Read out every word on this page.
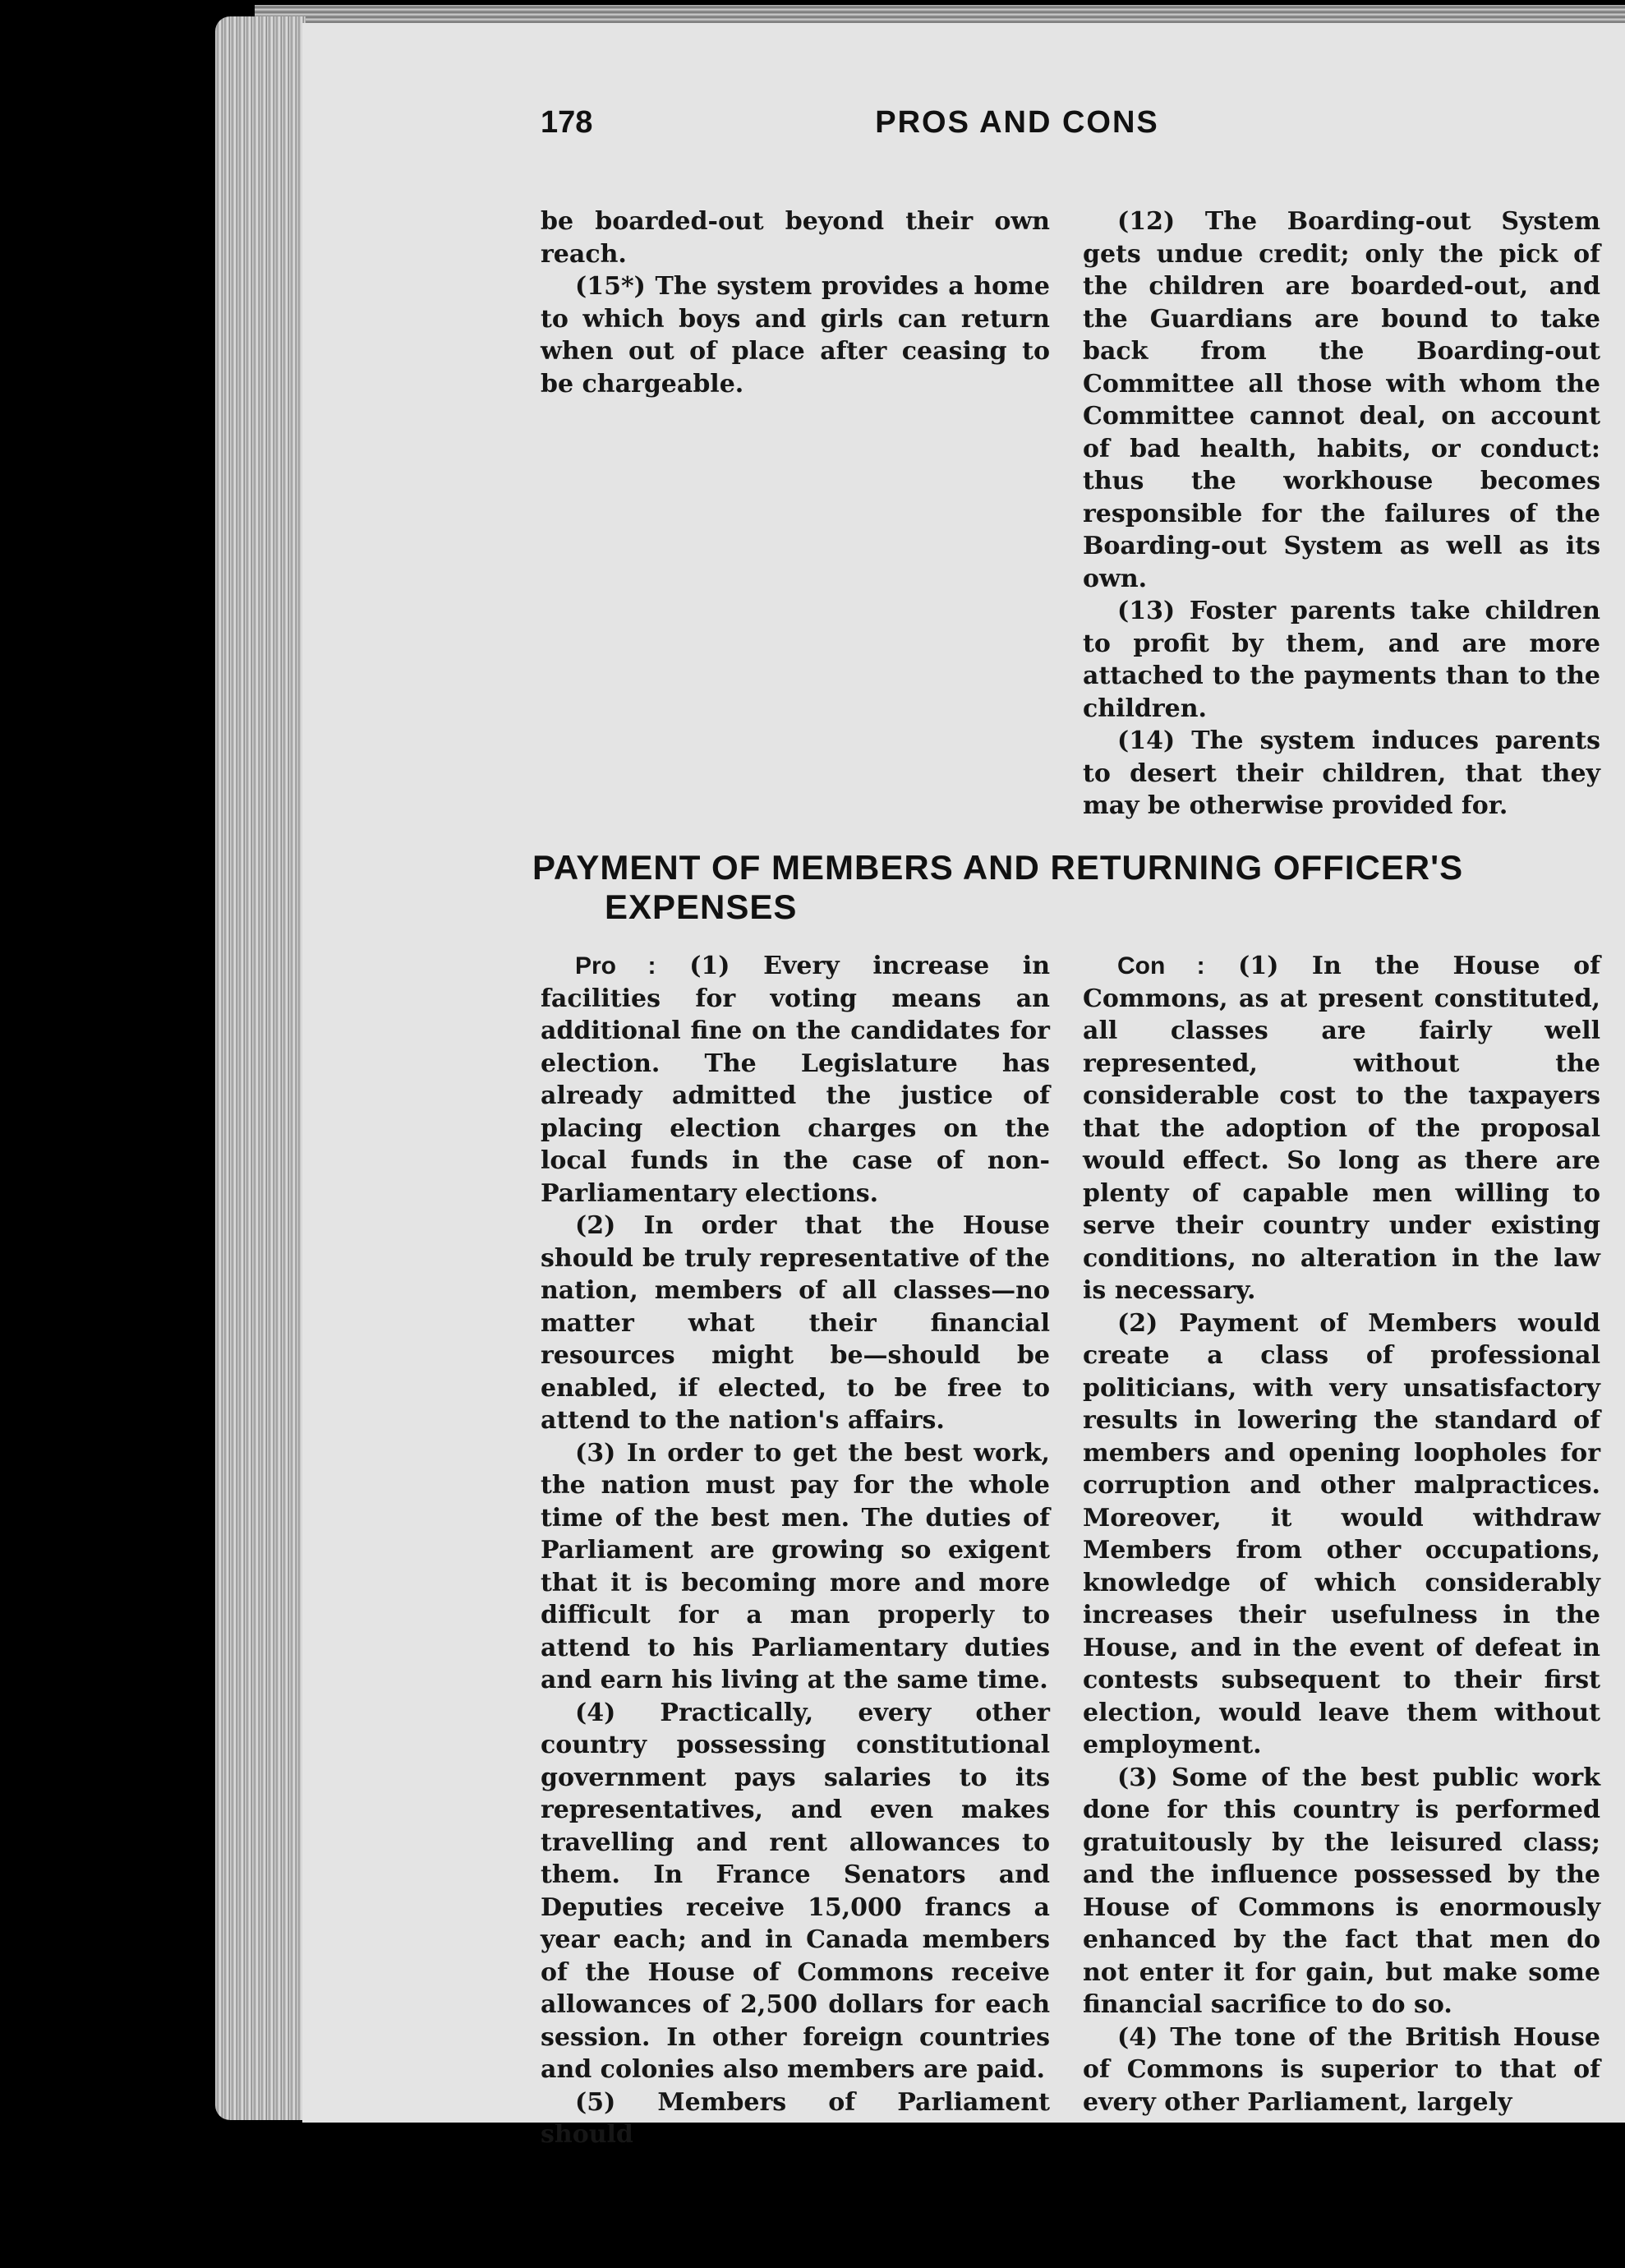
178	PROS AND CONS

be boarded-out beyond their own reach.

(15*) The system provides a home to which boys and girls can return when out of place after ceasing to be chargeable.

(12) The Boarding-out System gets undue credit; only the pick of the children are boarded-out, and the Guardians are bound to take back from the Boarding-out Committee all those with whom the Committee cannot deal, on account of bad health, habits, or conduct: thus the workhouse becomes responsible for the failures of the Boarding-out System as well as its own.

(13) Foster parents take children to profit by them, and are more attached to the payments than to the children.

(14) The system induces parents to desert their children, that they may be otherwise provided for.

PAYMENT OF MEMBERS AND RETURNING OFFICER'S
EXPENSES

Pro : (1) Every increase in facilities for voting means an additional fine on the candidates for election. The Legislature has already admitted the justice of placing election charges on the local funds in the case of non-Parliamentary elections.

(2) In order that the House should be truly representative of the nation, members of all classes—no matter what their financial resources might be—should be enabled, if elected, to be free to attend to the nation's affairs.

(3) In order to get the best work, the nation must pay for the whole time of the best men. The duties of Parliament are growing so exigent that it is becoming more and more difficult for a man properly to attend to his Parliamentary duties and earn his living at the same time.

(4) Practically, every other country possessing constitutional government pays salaries to its representatives, and even makes travelling and rent allowances to them. In France Senators and Deputies receive 15,000 francs a year each; and in Canada members of the House of Commons receive allowances of 2,500 dollars for each session. In other foreign countries and colonies also members are paid.

(5) Members of Parliament should

Con : (1) In the House of Commons, as at present constituted, all classes are fairly well represented, without the considerable cost to the taxpayers that the adoption of the proposal would effect. So long as there are plenty of capable men willing to serve their country under existing conditions, no alteration in the law is necessary.

(2) Payment of Members would create a class of professional politicians, with very unsatisfactory results in lowering the standard of members and opening loopholes for corruption and other malpractices. Moreover, it would withdraw Members from other occupations, knowledge of which considerably increases their usefulness in the House, and in the event of defeat in contests subsequent to their first election, would leave them without employment.

(3) Some of the best public work done for this country is performed gratuitously by the leisured class; and the influence possessed by the House of Commons is enormously enhanced by the fact that men do not enter it for gain, but make some financial sacrifice to do so.

(4) The tone of the British House of Commons is superior to that of every other Parliament, largely
